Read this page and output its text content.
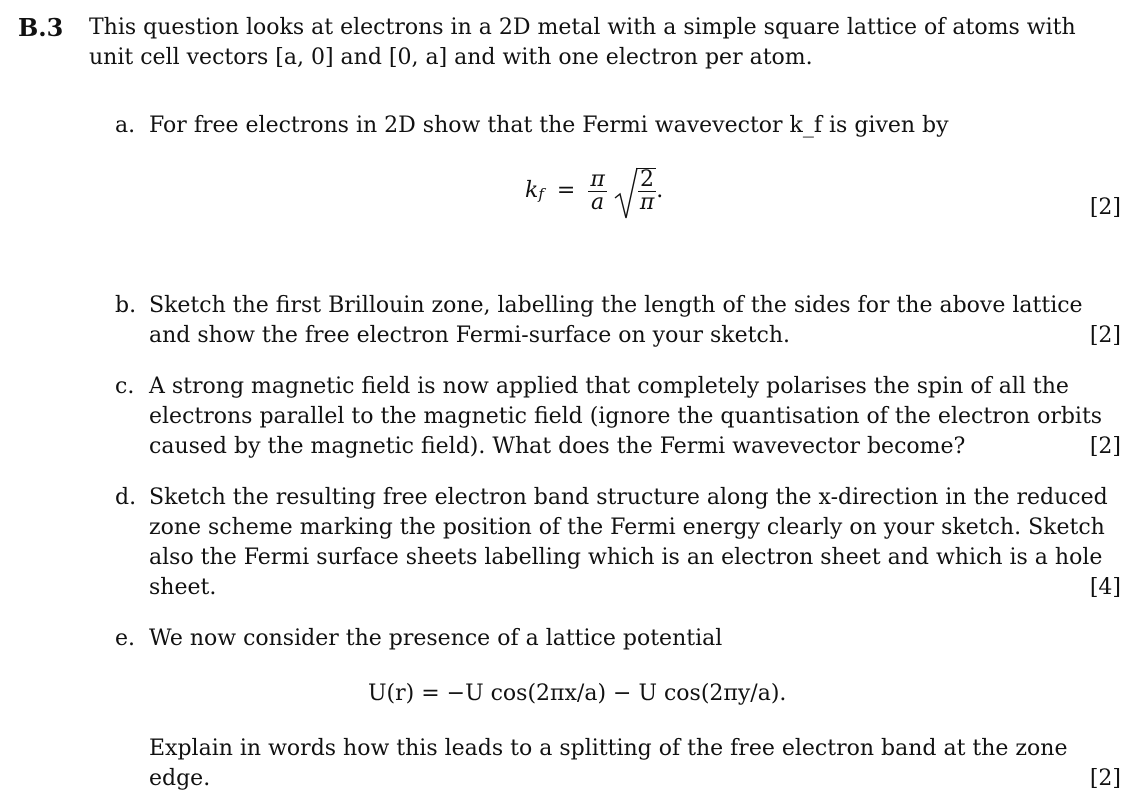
B.3 This question looks at electrons in a 2D metal with a simple square lattice of atoms with
unit cell vectors [a, 0] and [0, a] and with one electron per atom.
a. For free electrons in 2D show that the Fermi wavevector k_f is given by
$k_f = \frac{\pi}{a}$
$\frac{2}{\pi}$ .
[2]
b. Sketch the first Brillouin zone, labelling the length of the sides for the above lattice
and show the free electron Fermi-surface on your sketch.	[2]
c. A strong magnetic field is now applied that completely polarises the spin of all the
electrons parallel to the magnetic field (ignore the quantisation of the electron orbits
caused by the magnetic field). What does the Fermi wavevector become?	[2]
d. Sketch the resulting free electron band structure along the x-direction in the reduced
zone scheme marking the position of the Fermi energy clearly on your sketch. Sketch
also the Fermi surface sheets labelling which is an electron sheet and which is a hole
sheet.	[4]
e. We now consider the presence of a lattice potential
U(r) = −U cos(2πx/a) − U cos(2πy/a).
Explain in words how this leads to a splitting of the free electron band at the zone
edge.	[2]
